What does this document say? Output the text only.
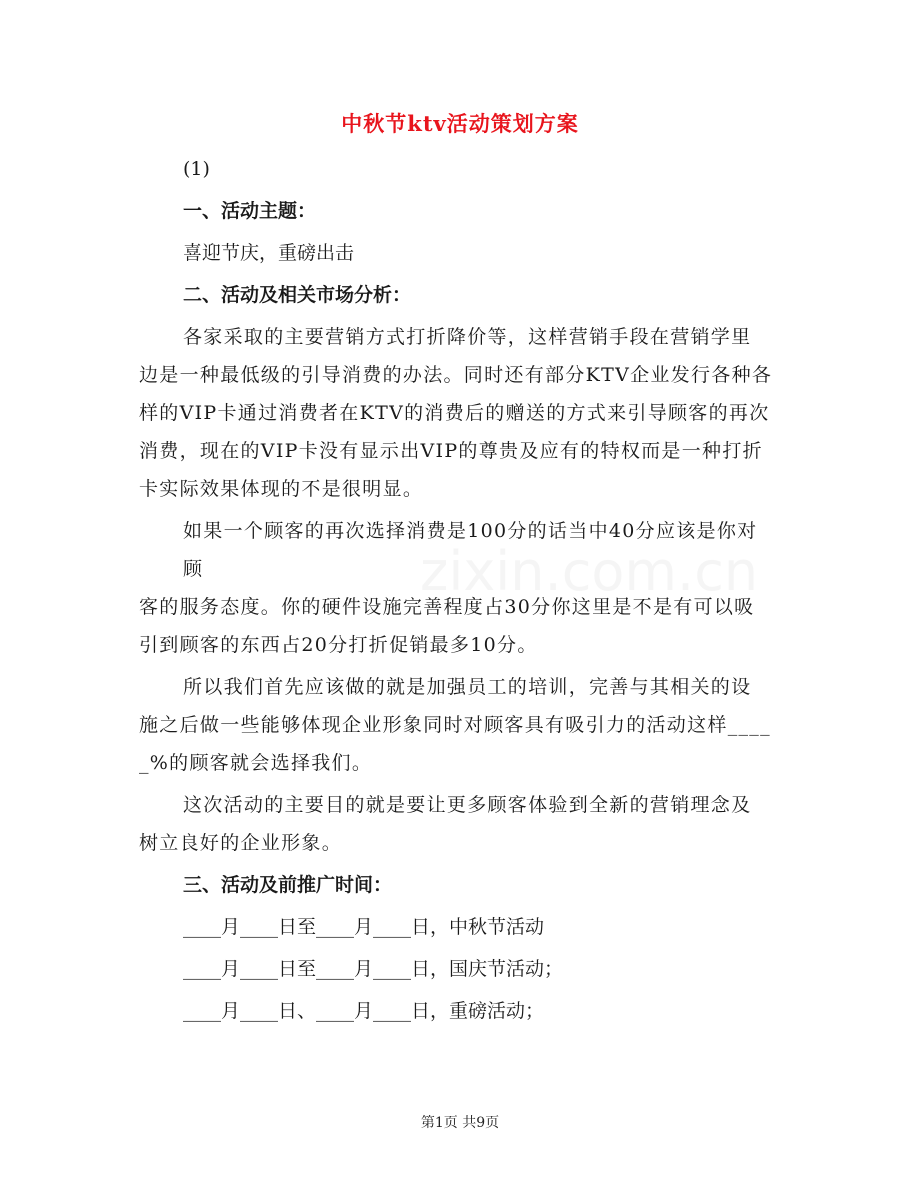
中秋节ktv活动策划方案
zixin.com.cn
(1)
一、活动主题：
喜迎节庆，重磅出击
二、活动及相关市场分析：
各家采取的主要营销方式打折降价等，这样营销手段在营销学里
边是一种最低级的引导消费的办法。同时还有部分KTV企业发行各种各
样的VIP卡通过消费者在KTV的消费后的赠送的方式来引导顾客的再次
消费，现在的VIP卡没有显示出VIP的尊贵及应有的特权而是一种打折
卡实际效果体现的不是很明显。
如果一个顾客的再次选择消费是100分的话当中40分应该是你对顾
客的服务态度。你的硬件设施完善程度占30分你这里是不是有可以吸
引到顾客的东西占20分打折促销最多10分。
所以我们首先应该做的就是加强员工的培训，完善与其相关的设
施之后做一些能够体现企业形象同时对顾客具有吸引力的活动这样____
_%的顾客就会选择我们。
这次活动的主要目的就是要让更多顾客体验到全新的营销理念及
树立良好的企业形象。
三、活动及前推广时间：
____月____日至____月____日，中秋节活动
____月____日至____月____日，国庆节活动；
____月____日、____月____日，重磅活动；
第1页 共9页
